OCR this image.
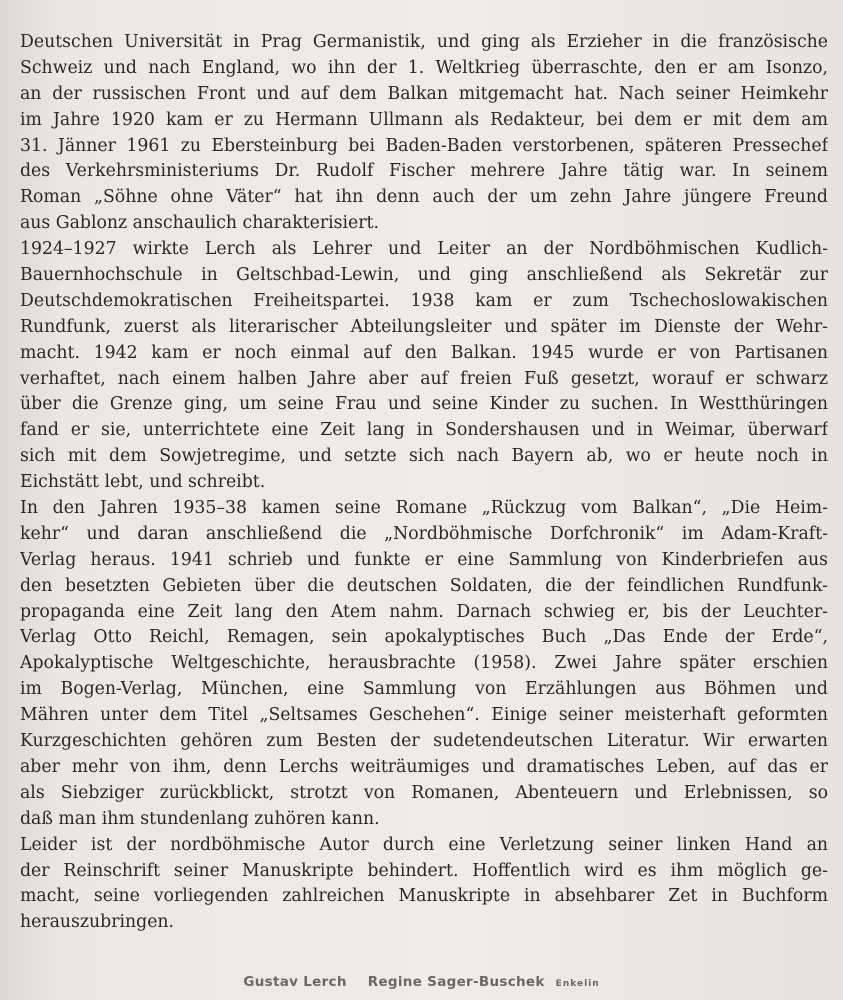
Deutschen Universität in Prag Germanistik, und ging als Erzieher in die französische
Schweiz und nach England, wo ihn der 1. Weltkrieg überraschte, den er am Isonzo,
an der russischen Front und auf dem Balkan mitgemacht hat. Nach seiner Heimkehr
im Jahre 1920 kam er zu Hermann Ullmann als Redakteur, bei dem er mit dem am
31. Jänner 1961 zu Ebersteinburg bei Baden-Baden verstorbenen, späteren Pressechef
des Verkehrsministeriums Dr. Rudolf Fischer mehrere Jahre tätig war. In seinem
Roman „Söhne ohne Väter“ hat ihn denn auch der um zehn Jahre jüngere Freund
aus Gablonz anschaulich charakterisiert.
1924–1927 wirkte Lerch als Lehrer und Leiter an der Nordböhmischen Kudlich-
Bauernhochschule in Geltschbad-Lewin, und ging anschließend als Sekretär zur
Deutschdemokratischen Freiheitspartei. 1938 kam er zum Tschechoslowakischen
Rundfunk, zuerst als literarischer Abteilungsleiter und später im Dienste der Wehr-
macht. 1942 kam er noch einmal auf den Balkan. 1945 wurde er von Partisanen
verhaftet, nach einem halben Jahre aber auf freien Fuß gesetzt, worauf er schwarz
über die Grenze ging, um seine Frau und seine Kinder zu suchen. In Westthüringen
fand er sie, unterrichtete eine Zeit lang in Sondershausen und in Weimar, überwarf
sich mit dem Sowjetregime, und setzte sich nach Bayern ab, wo er heute noch in
Eichstätt lebt, und schreibt.
In den Jahren 1935–38 kamen seine Romane „Rückzug vom Balkan“, „Die Heim-
kehr“ und daran anschließend die „Nordböhmische Dorfchronik“ im Adam-Kraft-
Verlag heraus. 1941 schrieb und funkte er eine Sammlung von Kinderbriefen aus
den besetzten Gebieten über die deutschen Soldaten, die der feindlichen Rundfunk-
propaganda eine Zeit lang den Atem nahm. Darnach schwieg er, bis der Leuchter-
Verlag Otto Reichl, Remagen, sein apokalyptisches Buch „Das Ende der Erde“,
Apokalyptische Weltgeschichte, herausbrachte (1958). Zwei Jahre später erschien
im Bogen-Verlag, München, eine Sammlung von Erzählungen aus Böhmen und
Mähren unter dem Titel „Seltsames Geschehen“. Einige seiner meisterhaft geformten
Kurzgeschichten gehören zum Besten der sudetendeutschen Literatur. Wir erwarten
aber mehr von ihm, denn Lerchs weiträumiges und dramatisches Leben, auf das er
als Siebziger zurückblickt, strotzt von Romanen, Abenteuern und Erlebnissen, so
daß man ihm stundenlang zuhören kann.
Leider ist der nordböhmische Autor durch eine Verletzung seiner linken Hand an
der Reinschrift seiner Manuskripte behindert. Hoffentlich wird es ihm möglich ge-
macht, seine vorliegenden zahlreichen Manuskripte in absehbarer Zet in Buchform
herauszubringen.
Gustav Lerch Regine Sager-Buschek Enkelin
